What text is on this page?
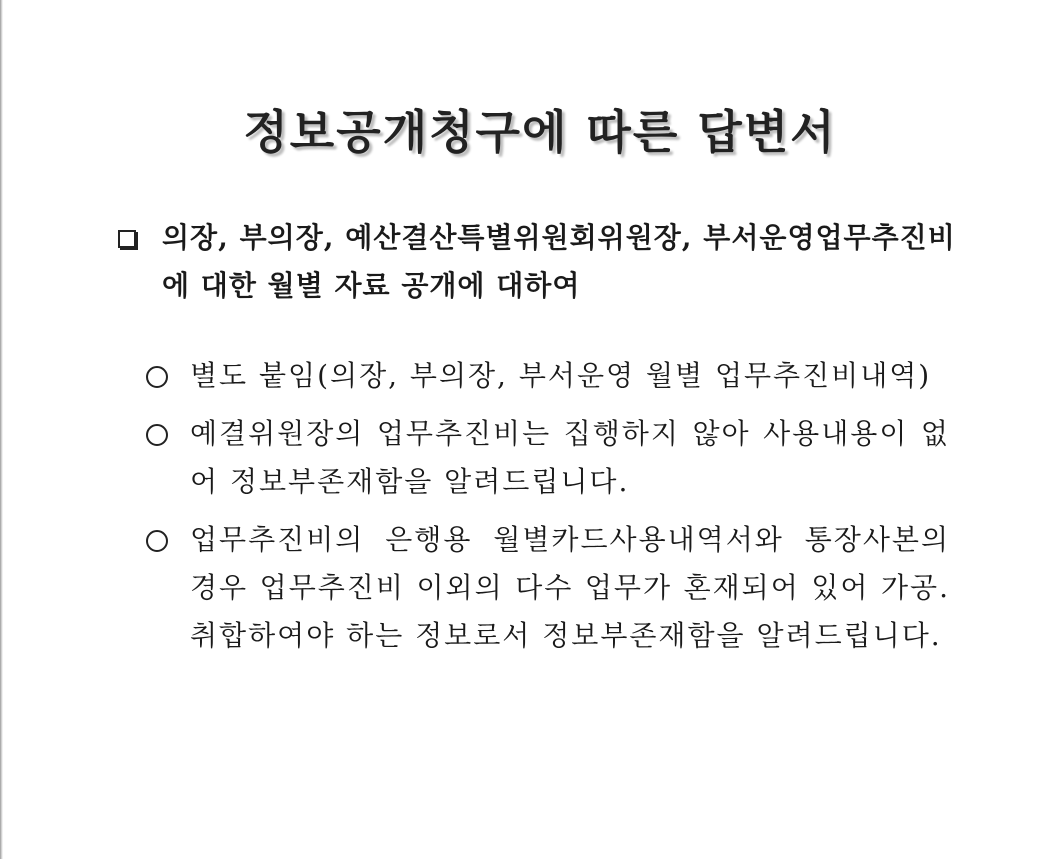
정보공개청구에 따른 답변서
의장, 부의장, 예산결산특별위원회위원장, 부서운영업무추진비에 대한 월별 자료 공개에 대하여
별도 붙임(의장, 부의장, 부서운영 월별 업무추진비내역)
예결위원장의 업무추진비는 집행하지 않아 사용내용이 없어 정보부존재함을 알려드립니다.
업무추진비의 은행용 월별카드사용내역서와 통장사본의 경우 업무추진비 이외의 다수 업무가 혼재되어 있어 가공.취합하여야 하는 정보로서 정보부존재함을 알려드립니다.
